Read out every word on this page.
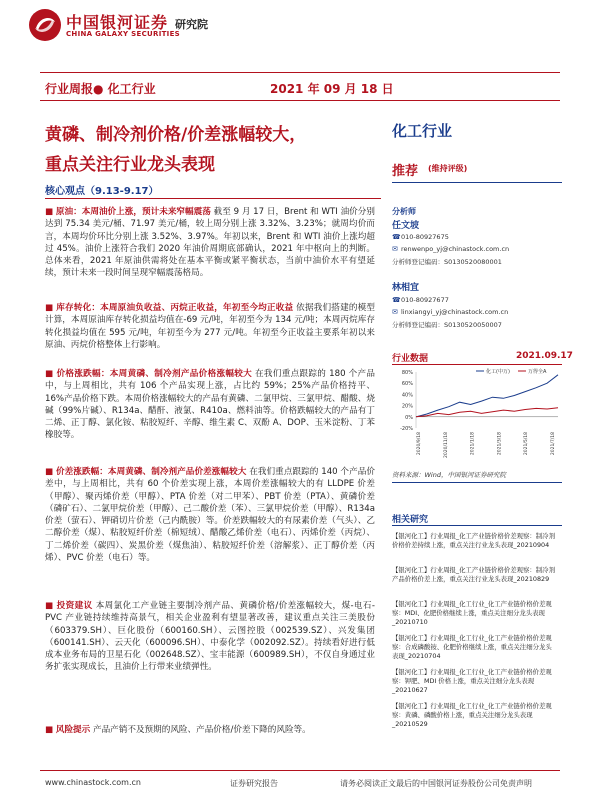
中国银河证券
CHINA GALAXY SECURITIES
研究院
行业周报● 化工行业	2021 年 09 月 18 日
黄磷、制冷剂价格/价差涨幅较大，
重点关注行业龙头表现
核心观点（9.13-9.17）
■ 原油：本周油价上涨，预计未来窄幅震荡 截至 9 月 17 日，Brent 和 WTI 油价分别达到 75.34 美元/桶、71.97 美元/桶，较上周分别上涨 3.32%、3.23%；就周均价而言，本周均价环比分别上涨 3.52%、3.97%。年初以来，Brent 和 WTI 油价上涨均超过 45%。油价上涨符合我们 2020 年油价周期底部确认，2021 年中枢向上的判断。总体来看，2021 年原油供需将处在基本平衡或紧平衡状态，当前中油价水平有望延续，预计未来一段时间呈现窄幅震荡格局。
■ 库存转化：本周原油负收益、丙烷正收益，年初至今均正收益 依据我们搭建的模型计算，本周原油库存转化损益均值在-69 元/吨，年初至今为 134 元/吨；本周丙烷库存转化损益均值在 595 元/吨，年初至今为 277 元/吨。年初至今正收益主要系年初以来原油、丙烷价格整体上行影响。
■ 价格涨跌幅：本周黄磷、制冷剂产品价格涨幅较大 在我们重点跟踪的 180 个产品中，与上周相比，共有 106 个产品实现上涨，占比约 59%；25%产品价格持平、16%产品价格下跌。本周价格涨幅较大的产品有黄磷、二氯甲烷、三氯甲烷、醋酸、烧碱（99%片碱）、R134a、醋酐、液氯、R410a、燃料油等。价格跌幅较大的产品有丁二烯、正丁醇、氯化铵、粘胶短纤、辛醇、维生素 C、双酚 A、DOP、玉米淀粉、丁苯橡胶等。
■ 价差涨跌幅：本周黄磷、制冷剂产品价差涨幅较大 在我们重点跟踪的 140 个产品价差中，与上周相比，共有 60 个价差实现上涨，本周价差涨幅较大的有 LLDPE 价差（甲醇）、聚丙烯价差（甲醇）、PTA 价差（对二甲苯）、PBT 价差（PTA）、黄磷价差（磷矿石）、二氯甲烷价差（甲醇）、己二酸价差（苯）、三氯甲烷价差（甲醇）、R134a 价差（萤石）、钾硝切片价差（己内酰胺）等。价差跌幅较大的有尿素价差（气头）、乙二醇价差（煤）、粘胶短纤价差（棉短绒）、醋酸乙烯价差（电石）、丙烯价差（丙烷）、丁二烯价差（碳四）、炭黑价差（煤焦油）、粘胶短纤价差（溶解浆）、正丁醇价差（丙烯）、PVC 价差（电石）等。
■ 投资建议 本周氯化工产业链主要制冷剂产品、黄磷价格/价差涨幅较大，煤-电石-PVC 产业链持续维持高景气，相关企业盈利有望显著改善，建议重点关注三美股份（603379.SH）、巨化股份（600160.SH）、云图控股（002539.SZ）、兴发集团（600141.SH）、云天化（600096.SH）、中泰化学（002092.SZ）。持续看好进行低成本业务布局的卫星石化（002648.SZ）、宝丰能源（600989.SH），不仅自身通过业务扩张实现成长，且油价上行带来业绩弹性。
■ 风险提示 产品产销不及预期的风险、产品价格/价差下降的风险等。
化工行业
推荐 (维持评级)
分析师
任文坡
☎010-80927675
✉ renwenpo_yj@chinastock.com.cn
分析师登记编码：S0130520080001
林相宜
☎010-80927677
✉ linxiangyi_yj@chinastock.com.cn
分析师登记编码：S0130520050007
行业数据	2021.09.17
80%
60%
40%
20%
0%
-20%
2020/9/18	2020/11/18	2021/1/18	2021/3/18	2021/5/18	2021/7/18
化工(中万)	万得全A
资料来源：Wind，中国银河证券研究院
相关研究
【银河化工】行业周报_化工产业链价格价差观察：制冷剂价格价差持续上涨，重点关注行业龙头表现_20210904
【银河化工】行业周报_化工产业链价格价差观察：制冷剂产品价格价差上涨，重点关注行业龙头表现_20210829
【银河化工】行业周报_化工行业_化工产业链价格价差观察：MDI、化肥价格继续上涨，重点关注细分龙头表现_20210710
【银河化工】行业周报_化工行业_化工产业链价格价差观察：合成磷酸铵、化肥价格继续上涨，重点关注细分龙头表现_20210704
【银河化工】行业周报_化工行业_化工产业链价格价差观察：钾肥、MDI 价格上涨，重点关注细分龙头表现_20210627
【银河化工】行业周报_化工行业_化工产业链价格价差观察：黄磷、磷酸价格上涨，重点关注细分龙头表现_20210529
www.chinastock.com.cn	证券研究报告	请务必阅读正文最后的中国银河证券股份公司免责声明
